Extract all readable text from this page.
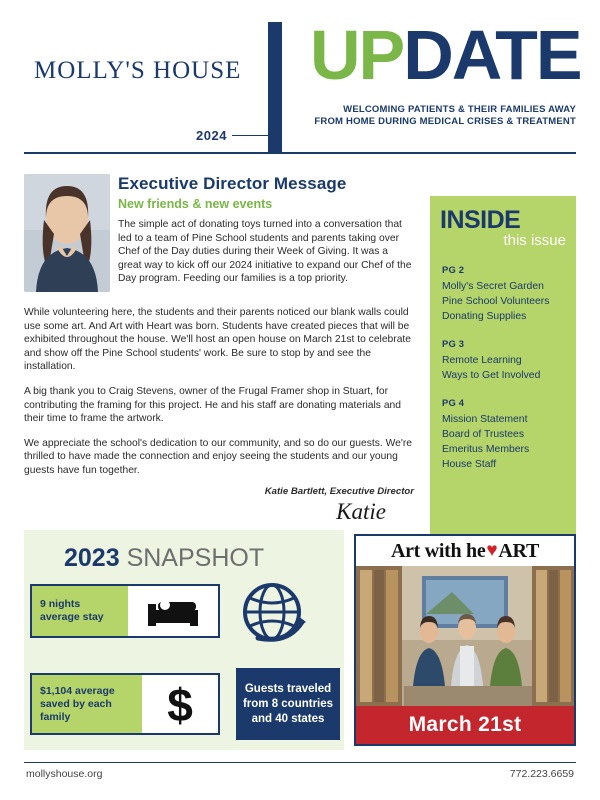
MOLLY'S HOUSE
2024
UPDATE
WELCOMING PATIENTS & THEIR FAMILIES AWAY
FROM HOME DURING MEDICAL CRISES & TREATMENT
Executive Director Message
New friends & new events
The simple act of donating toys turned into a conversation that led to a team of Pine School students and parents taking over Chef of the Day duties during their Week of Giving. It was a great way to kick off our 2024 initiative to expand our Chef of the Day program. Feeding our families is a top priority.

While volunteering here, the students and their parents noticed our blank walls could use some art. And Art with Heart was born. Students have created pieces that will be exhibited throughout the house. We'll host an open house on March 21st to celebrate and show off the Pine School students' work. Be sure to stop by and see the installation.

A big thank you to Craig Stevens, owner of the Frugal Framer shop in Stuart, for contributing the framing for this project. He and his staff are donating materials and their time to frame the artwork.

We appreciate the school's dedication to our community, and so do our guests. We're thrilled to have made the connection and enjoy seeing the students and our young guests have fun together.

Katie Bartlett, Executive Director
Katie
INSIDE
this issue
PG 2
Molly's Secret Garden
Pine School Volunteers
Donating Supplies
PG 3
Remote Learning
Ways to Get Involved
PG 4
Mission Statement
Board of Trustees
Emeritus Members
House Staff
2023 SNAPSHOT
9 nights average stay
$1,104 average saved by each family	$	Guests traveled from 8 countries and 40 states
Art with he ♥ ART
March 21st
mollyshouse.org	772.223.6659
